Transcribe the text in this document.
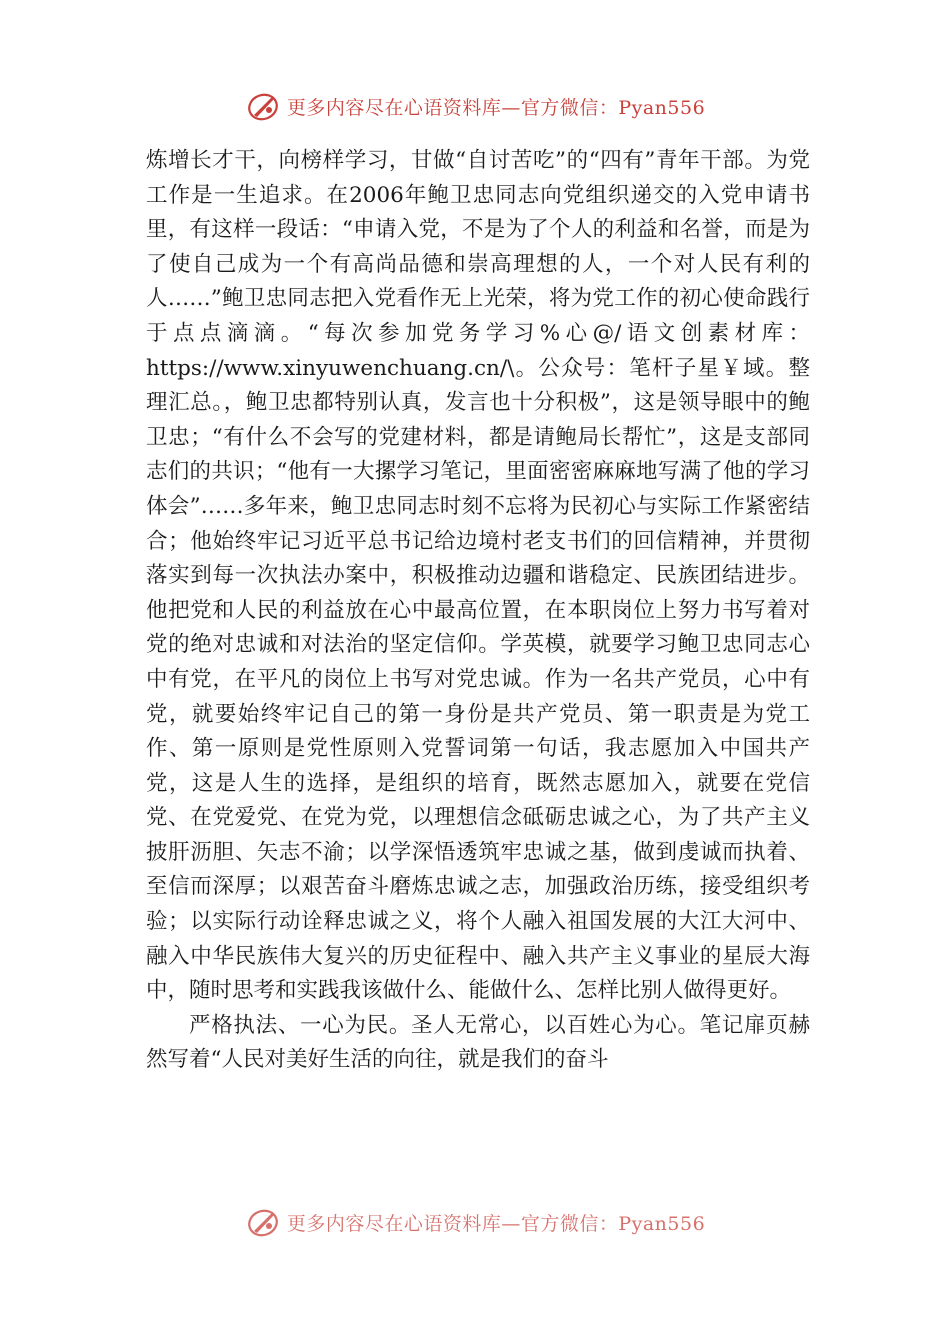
更多内容尽在心语资料库—官方微信：Pyan556

炼增长才干，向榜样学习，甘做“自讨苦吃”的“四有”青年干部。为党工作是一生追求。在2006年鲍卫忠同志向党组织递交的入党申请书里，有这样一段话：“申请入党，不是为了个人的利益和名誉，而是为了使自己成为一个有高尚品德和崇高理想的人，一个对人民有利的人……”鲍卫忠同志把入党看作无上光荣，将为党工作的初心使命践行于点点滴滴。“每次参加党务学习%心@/语文创素材库：https://www.xinyuwenchuang.cn/\。公众号：笔杆子星￥域。整理汇总。，鲍卫忠都特别认真，发言也十分积极”，这是领导眼中的鲍卫忠；“有什么不会写的党建材料，都是请鲍局长帮忙”，这是支部同志们的共识；“他有一大摞学习笔记，里面密密麻麻地写满了他的学习体会”……多年来，鲍卫忠同志时刻不忘将为民初心与实际工作紧密结合；他始终牢记习近平总书记给边境村老支书们的回信精神，并贯彻落实到每一次执法办案中，积极推动边疆和谐稳定、民族团结进步。他把党和人民的利益放在心中最高位置，在本职岗位上努力书写着对党的绝对忠诚和对法治的坚定信仰。学英模，就要学习鲍卫忠同志心中有党，在平凡的岗位上书写对党忠诚。作为一名共产党员，心中有党，就要始终牢记自己的第一身份是共产党员、第一职责是为党工作、第一原则是党性原则入党誓词第一句话，我志愿加入中国共产党，这是人生的选择，是组织的培育，既然志愿加入，就要在党信党、在党爱党、在党为党，以理想信念砥砺忠诚之心，为了共产主义披肝沥胆、矢志不渝；以学深悟透筑牢忠诚之基，做到虔诚而执着、至信而深厚；以艰苦奋斗磨炼忠诚之志，加强政治历练，接受组织考验；以实际行动诠释忠诚之义，将个人融入祖国发展的大江大河中、融入中华民族伟大复兴的历史征程中、融入共产主义事业的星辰大海中，随时思考和实践我该做什么、能做什么、怎样比别人做得更好。

严格执法、一心为民。圣人无常心，以百姓心为心。笔记扉页赫然写着“人民对美好生活的向往，就是我们的奋斗

更多内容尽在心语资料库—官方微信：Pyan556
